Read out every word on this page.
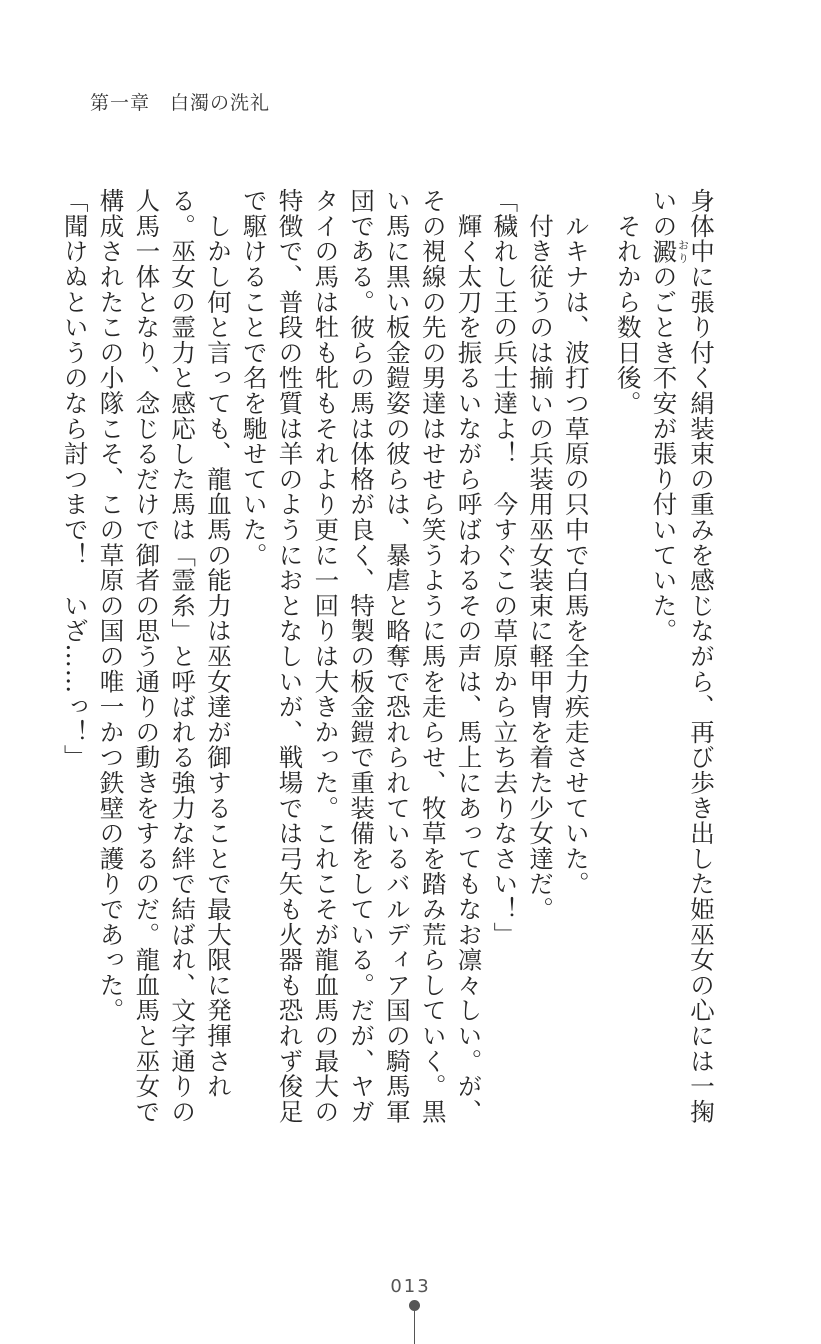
第一章 白濁の洗礼

身体中に張り付く絹装束の重みを感じながら、再び歩き出した姫巫女の心には一掬いの澱おりのごとき不安が張り付いていた。

　それから数日後。

　ルキナは、波打つ草原の只中で白馬を全力疾走させていた。

　付き従うのは揃いの兵装用巫女装束に軽甲冑を着た少女達だ。

「穢れし王の兵士達よ！　今すぐこの草原から立ち去りなさい！」

　輝く太刀を振るいながら呼ばわるその声は、馬上にあってもなお凛々しい。が、その視線の先の男達はせせら笑うように馬を走らせ、牧草を踏み荒らしていく。黒い馬に黒い板金鎧姿の彼らは、暴虐と略奪で恐れられているバルディア国の騎馬軍団である。彼らの馬は体格が良く、特製の板金鎧で重装備をしている。だが、ヤガタイの馬は牡も牝もそれより更に一回りは大きかった。これこそが龍血馬の最大の特徴で、普段の性質は羊のようにおとなしいが、戦場では弓矢も火器も恐れず俊足で駆けることで名を馳せていた。

　しかし何と言っても、龍血馬の能力は巫女達が御することで最大限に発揮される。巫女の霊力と感応した馬は「霊糸」と呼ばれる強力な絆で結ばれ、文字通りの人馬一体となり、念じるだけで御者の思う通りの動きをするのだ。龍血馬と巫女で構成されたこの小隊こそ、この草原の国の唯一かつ鉄壁の護りであった。

「聞けぬというのなら討つまで！　いざ……っ！」

013
